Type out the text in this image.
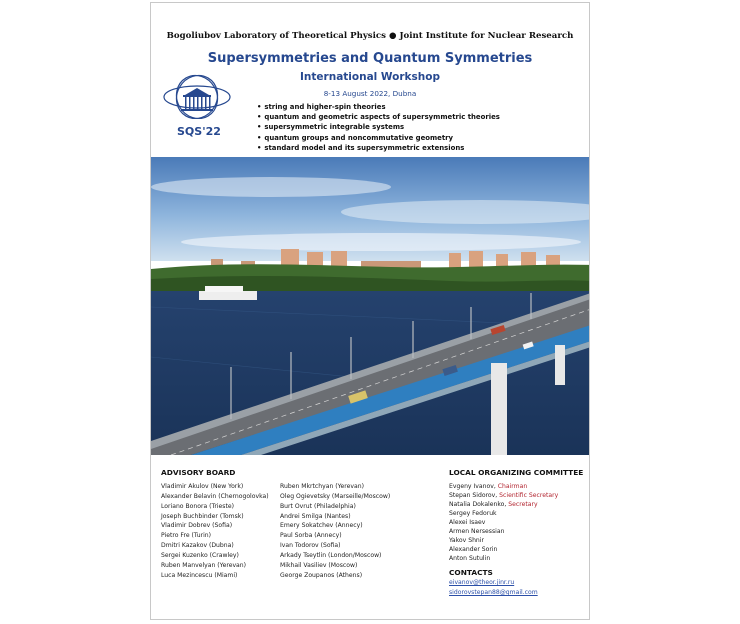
Bogoliubov Laboratory of Theoretical Physics ● Joint Institute for Nuclear Research
Supersymmetries and Quantum Symmetries
International Workshop
8-13 August 2022, Dubna
SQS'22
• string and higher-spin theories
• quantum and geometric aspects of supersymmetric theories
• supersymmetric integrable systems
• quantum groups and noncommutative geometry
• standard model and its supersymmetric extensions
ADVISORY BOARD
Vladimir Akulov (New York)
Alexander Belavin (Chernogolovka)
Loriano Bonora (Trieste)
Joseph Buchbinder (Tomsk)
Vladimir Dobrev (Sofia)
Pietro Fre (Turin)
Dmitri Kazakov (Dubna)
Sergei Kuzenko (Crawley)
Ruben Manvelyan (Yerevan)
Luca Mezincescu (Miami)
Ruben Mkrtchyan (Yerevan)
Oleg Ogievetsky (Marseille/Moscow)
Burt Ovrut (Philadelphia)
Andrei Smilga (Nantes)
Emery Sokatchev (Annecy)
Paul Sorba (Annecy)
Ivan Todorov (Sofia)
Arkady Tseytlin (London/Moscow)
Mikhail Vasiliev (Moscow)
George Zoupanos (Athens)
LOCAL ORGANIZING COMMITTEE
Evgeny Ivanov, Chairman
Stepan Sidorov, Scientific Secretary
Natalia Dokalenko, Secretary
Sergey Fedoruk
Alexei Isaev
Armen Nersessian
Yakov Shnir
Alexander Sorin
Anton Sutulin
CONTACTS
eivanov@theor.jinr.ru
sidorovstepan88@gmail.com
